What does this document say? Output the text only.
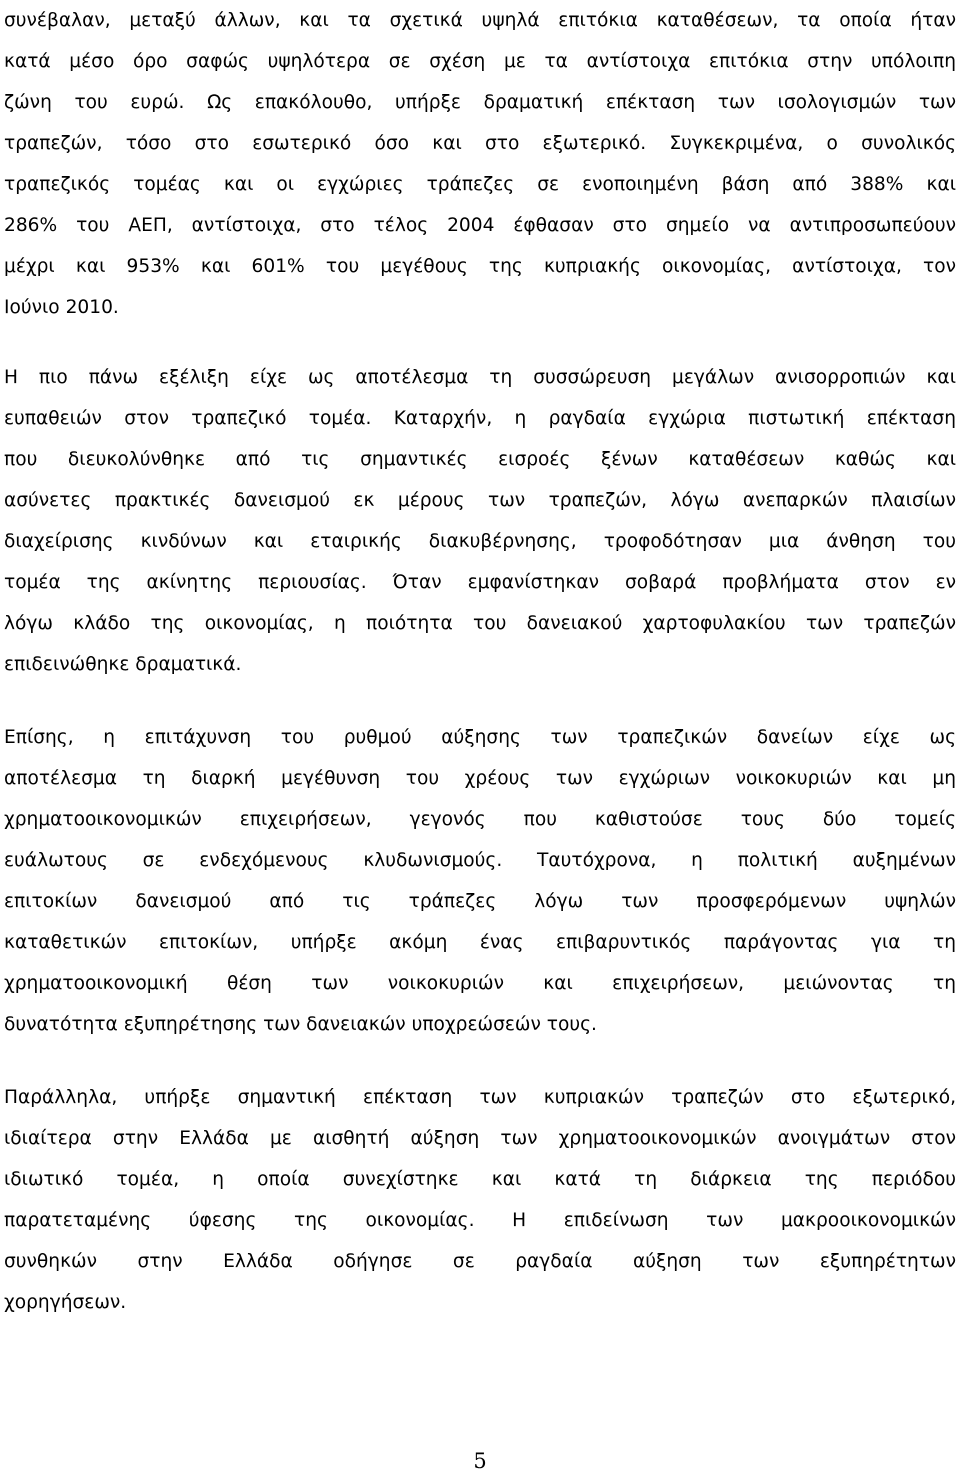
συνέβαλαν, μεταξύ άλλων, και τα σχετικά υψηλά επιτόκια καταθέσεων, τα οποία ήταν
κατά μέσο όρο σαφώς υψηλότερα σε σχέση με τα αντίστοιχα επιτόκια στην υπόλοιπη
ζώνη του ευρώ. Ως επακόλουθο, υπήρξε δραματική επέκταση των ισολογισμών των
τραπεζών, τόσο στο εσωτερικό όσο και στο εξωτερικό. Συγκεκριμένα, ο συνολικός
τραπεζικός τομέας και οι εγχώριες τράπεζες σε ενοποιημένη βάση από 388% και
286% του ΑΕΠ, αντίστοιχα, στο τέλος 2004 έφθασαν στο σημείο να αντιπροσωπεύουν
μέχρι και 953% και 601% του μεγέθους της κυπριακής οικονομίας, αντίστοιχα, τον
Ιούνιο 2010.
Η πιο πάνω εξέλιξη είχε ως αποτέλεσμα τη συσσώρευση μεγάλων ανισορροπιών και
ευπαθειών στον τραπεζικό τομέα. Καταρχήν, η ραγδαία εγχώρια πιστωτική επέκταση
που διευκολύνθηκε από τις σημαντικές εισροές ξένων καταθέσεων καθώς και
ασύνετες πρακτικές δανεισμού εκ μέρους των τραπεζών, λόγω ανεπαρκών πλαισίων
διαχείρισης κινδύνων και εταιρικής διακυβέρνησης, τροφοδότησαν μια άνθηση του
τομέα της ακίνητης περιουσίας. Όταν εμφανίστηκαν σοβαρά προβλήματα στον εν
λόγω κλάδο της οικονομίας, η ποιότητα του δανειακού χαρτοφυλακίου των τραπεζών
επιδεινώθηκε δραματικά.
Επίσης, η επιτάχυνση του ρυθμού αύξησης των τραπεζικών δανείων είχε ως
αποτέλεσμα τη διαρκή μεγέθυνση του χρέους των εγχώριων νοικοκυριών και μη
χρηματοοικονομικών επιχειρήσεων, γεγονός που καθιστούσε τους δύο τομείς
ευάλωτους σε ενδεχόμενους κλυδωνισμούς. Ταυτόχρονα, η πολιτική αυξημένων
επιτοκίων δανεισμού από τις τράπεζες λόγω των προσφερόμενων υψηλών
καταθετικών επιτοκίων, υπήρξε ακόμη ένας επιβαρυντικός παράγοντας για τη
χρηματοοικονομική θέση των νοικοκυριών και επιχειρήσεων, μειώνοντας τη
δυνατότητα εξυπηρέτησης των δανειακών υποχρεώσεών τους.
Παράλληλα, υπήρξε σημαντική επέκταση των κυπριακών τραπεζών στο εξωτερικό,
ιδιαίτερα στην Ελλάδα με αισθητή αύξηση των χρηματοοικονομικών ανοιγμάτων στον
ιδιωτικό τομέα, η οποία συνεχίστηκε και κατά τη διάρκεια της περιόδου
παρατεταμένης ύφεσης της οικονομίας. Η επιδείνωση των μακροοικονομικών
συνθηκών στην Ελλάδα οδήγησε σε ραγδαία αύξηση των εξυπηρέτητων
χορηγήσεων.
5
